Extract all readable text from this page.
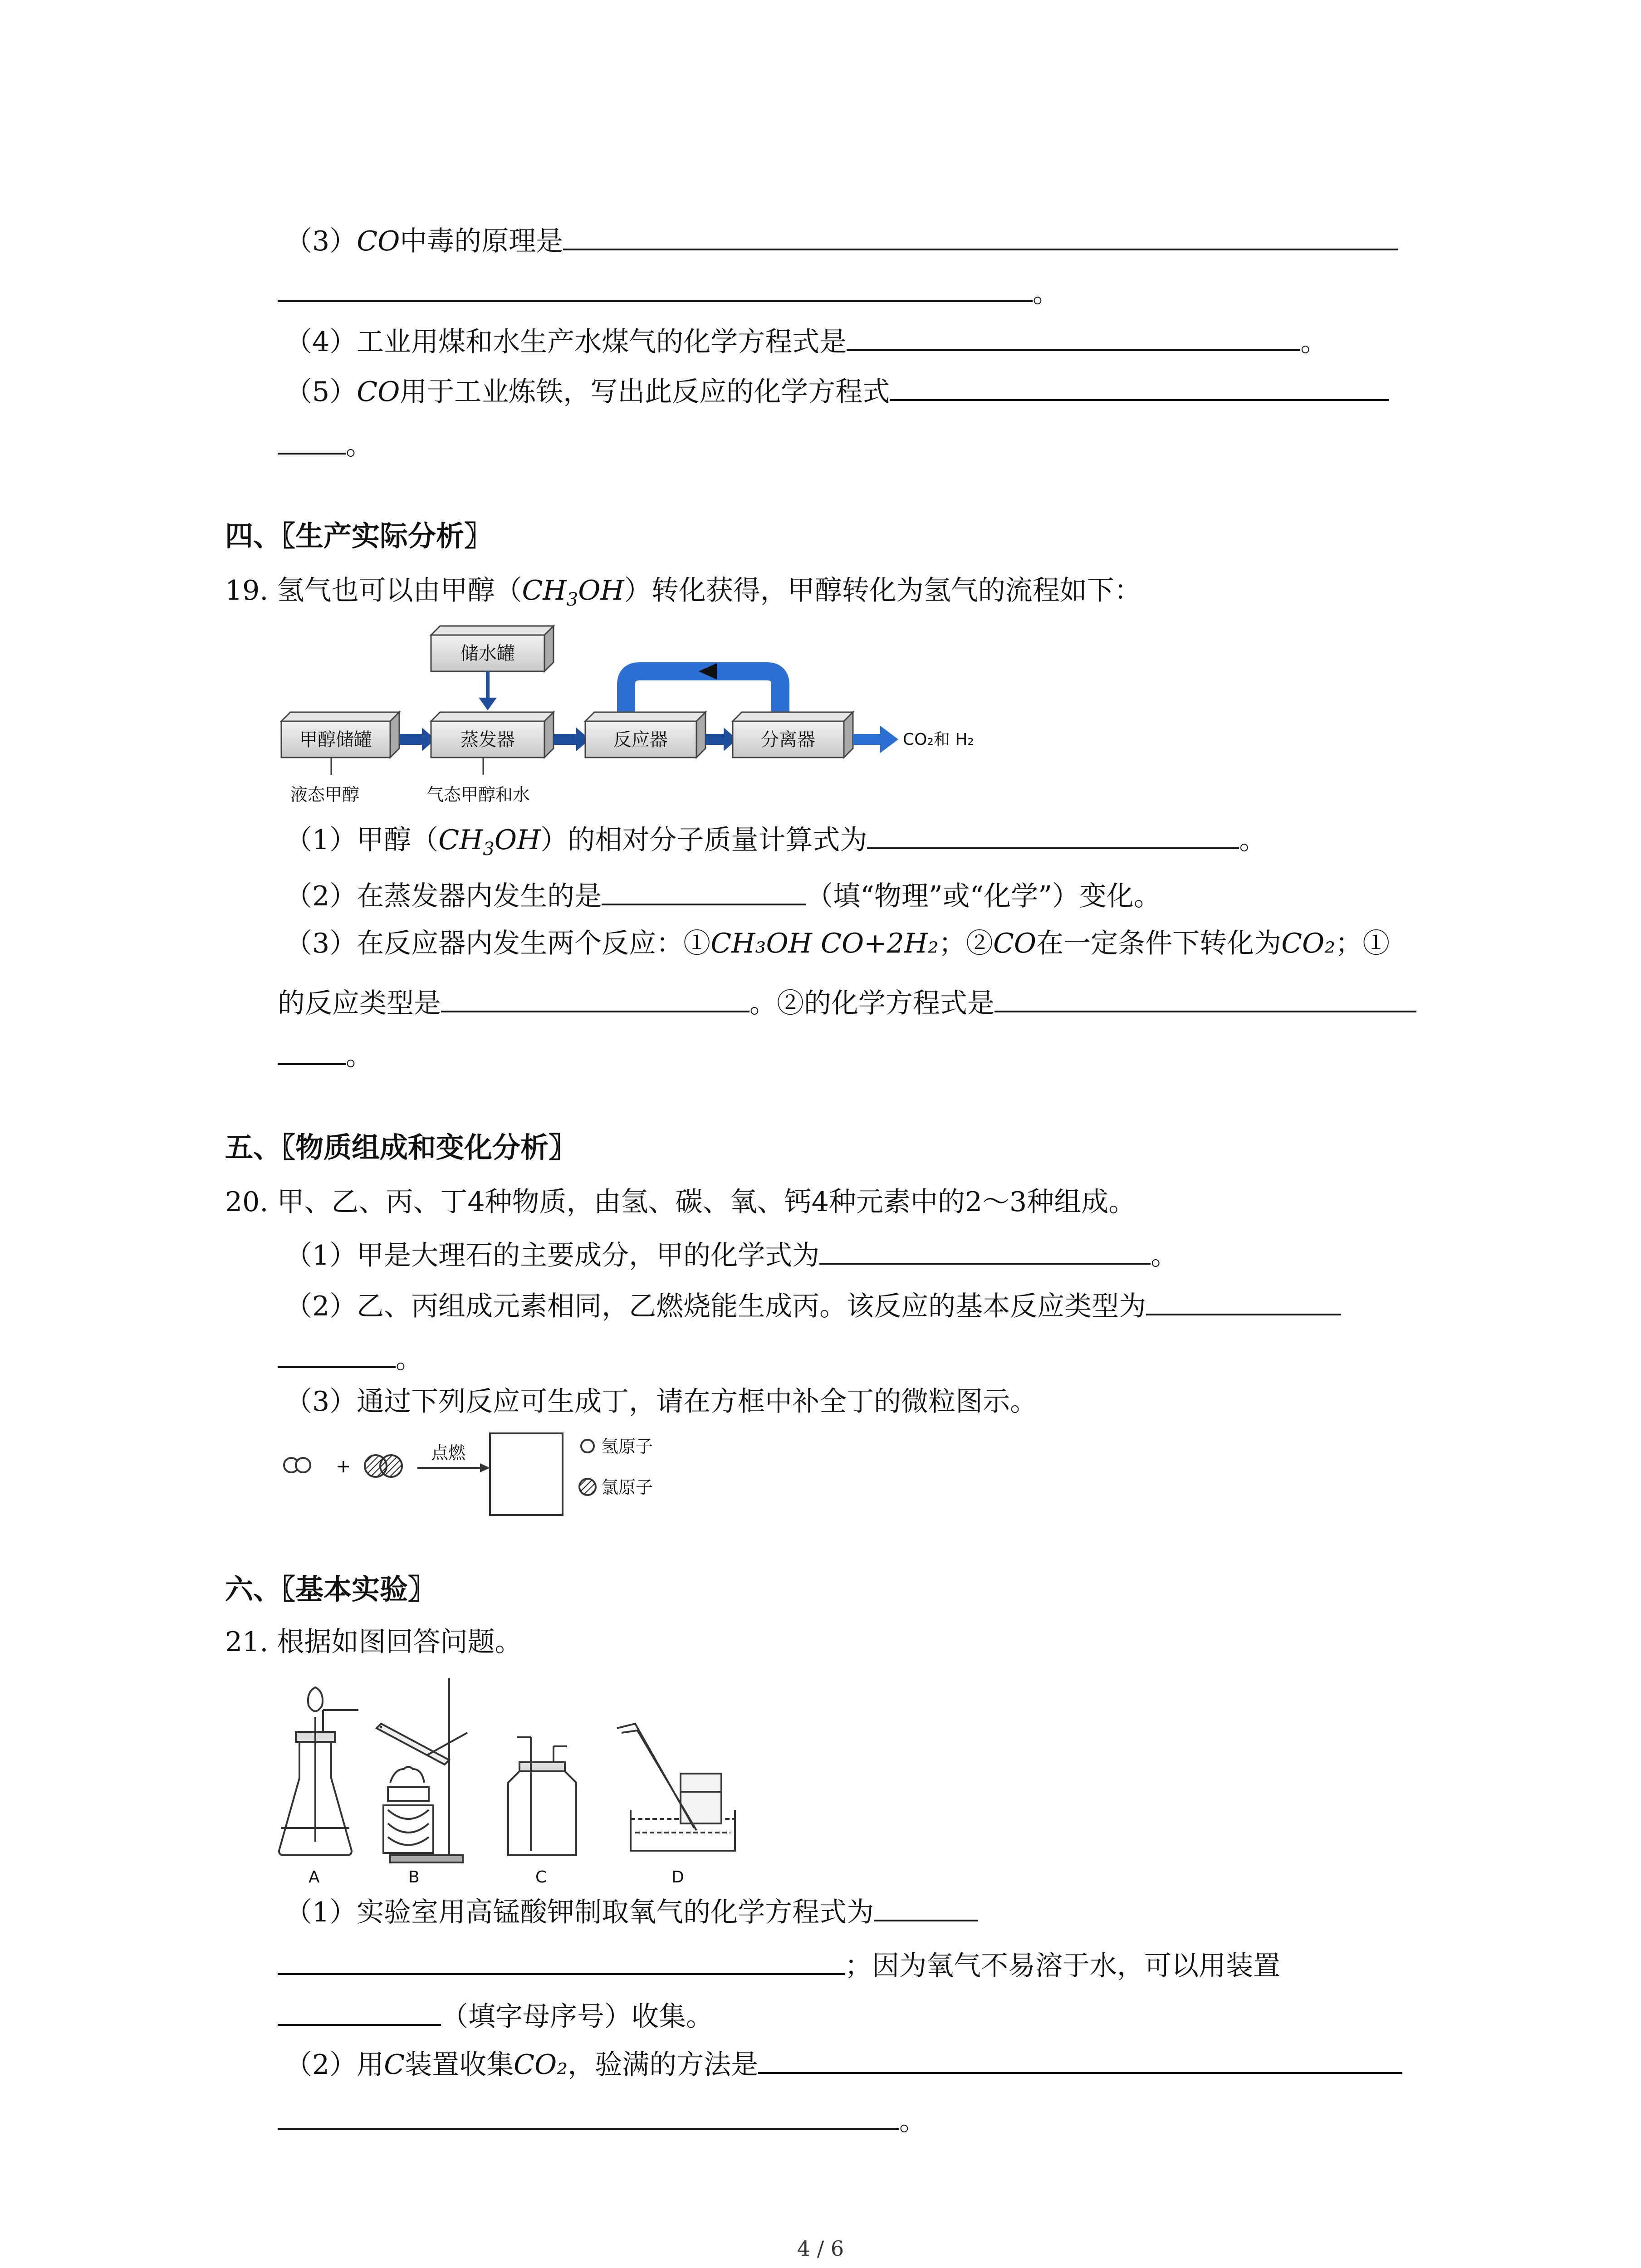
（3）CO中毒的原理是
。
（4）工业用煤和水生产水煤气的化学方程式是	。
（5）CO用于工业炼铁，写出此反应的化学方程式
。
四、〖生产实际分析〗
19. 氢气也可以由甲醇$(CH_3OH)$转化获得，甲醇转化为氢气的流程如下：
储水罐
甲醇储罐	蒸发器	反应器	分离器	CO₂和 H₂
液态甲醇	气态甲醇和水
（1）甲醇$(CH_3OH)$的相对分子质量计算式为	。
（2）在蒸发器内发生的是	（填“物理”或“化学”）变化。
（3）在反应器内发生两个反应：①CH₃OH CO+2H₂；②CO在一定条件下转化为CO₂；①
的反应类型是	。②的化学方程式是
。
五、〖物质组成和变化分析〗
20. 甲、乙、丙、丁4种物质，由氢、碳、氧、钙4种元素中的2～3种组成。
（1）甲是大理石的主要成分，甲的化学式为	。
（2）乙、丙组成元素相同，乙燃烧能生成丙。该反应的基本反应类型为
。
（3）通过下列反应可生成丁，请在方框中补全丁的微粒图示。
+
点燃	氢原子
氯原子
六、〖基本实验〗
21. 根据如图回答问题。
A	B	C	D
（1）实验室用高锰酸钾制取氧气的化学方程式为
；因为氧气不易溶于水，可以用装置
（填字母序号）收集。
（2）用C装置收集CO₂，验满的方法是
。
4 / 6
